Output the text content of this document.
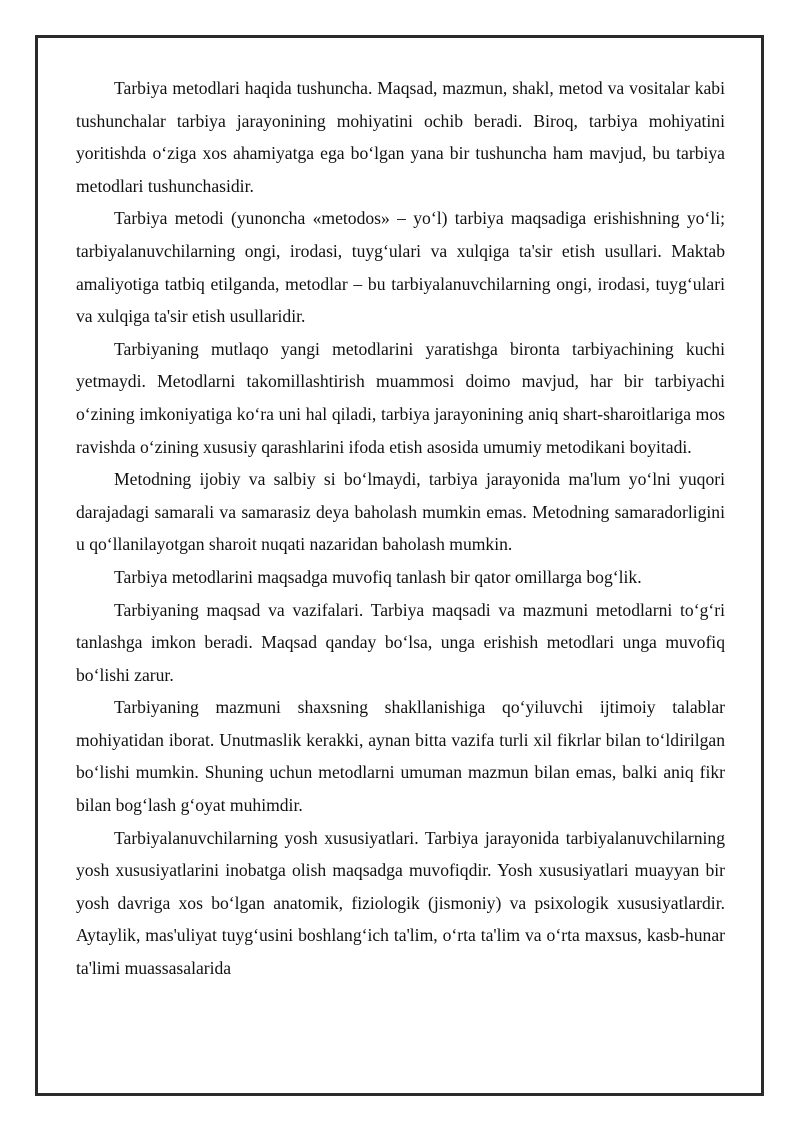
Tarbiya metodlari haqida tushuncha. Maqsad, mazmun, shakl, metod va vositalar kabi tushunchalar tarbiya jarayonining mohiyatini ochib beradi. Biroq, tarbiya mohiyatini yoritishda o‘ziga xos ahamiyatga ega bo‘lgan yana bir tushuncha ham mavjud, bu tarbiya metodlari tushunchasidir.

Tarbiya metodi (yunoncha «metodos» – yo‘l) tarbiya maqsadiga erishishning yo‘li; tarbiyalanuvchilarning ongi, irodasi, tuyg‘ulari va xulqiga ta'sir etish usullari. Maktab amaliyotiga tatbiq etilganda, metodlar – bu tarbiyalanuvchilarning ongi, irodasi, tuyg‘ulari va xulqiga ta'sir etish usullaridir.

Tarbiyaning mutlaqo yangi metodlarini yaratishga bironta tarbiyachining kuchi yetmaydi. Metodlarni takomillashtirish muammosi doimo mavjud, har bir tarbiyachi o‘zining imkoniyatiga ko‘ra uni hal qiladi, tarbiya jarayonining aniq shart-sharoitlariga mos ravishda o‘zining xususiy qarashlarini ifoda etish asosida umumiy metodikani boyitadi.

Metodning ijobiy va salbiy si bo‘lmaydi, tarbiya jarayonida ma'lum yo‘lni yuqori darajadagi samarali va samarasiz deya baholash mumkin emas. Metodning samaradorligini u qo‘llanilayotgan sharoit nuqati nazaridan baholash mumkin.

Tarbiya metodlarini maqsadga muvofiq tanlash bir qator omillarga bog‘lik.

Tarbiyaning maqsad va vazifalari. Tarbiya maqsadi va mazmuni metodlarni to‘g‘ri tanlashga imkon beradi. Maqsad qanday bo‘lsa, unga erishish metodlari unga muvofiq bo‘lishi zarur.

Tarbiyaning mazmuni shaxsning shakllanishiga qo‘yiluvchi ijtimoiy talablar mohiyatidan iborat. Unutmaslik kerakki, aynan bitta vazifa turli xil fikrlar bilan to‘ldirilgan bo‘lishi mumkin. Shuning uchun metodlarni umuman mazmun bilan emas, balki aniq fikr bilan bog‘lash g‘oyat muhimdir.

Tarbiyalanuvchilarning yosh xususiyatlari. Tarbiya jarayonida tarbiyalanuvchilarning yosh xususiyatlarini inobatga olish maqsadga muvofiqdir. Yosh xususiyatlari muayyan bir yosh davriga xos bo‘lgan anatomik, fiziologik (jismoniy) va psixologik xususiyatlardir. Aytaylik, mas'uliyat tuyg‘usini boshlang‘ich ta'lim, o‘rta ta'lim va o‘rta maxsus, kasb-hunar ta'limi muassasalarida
